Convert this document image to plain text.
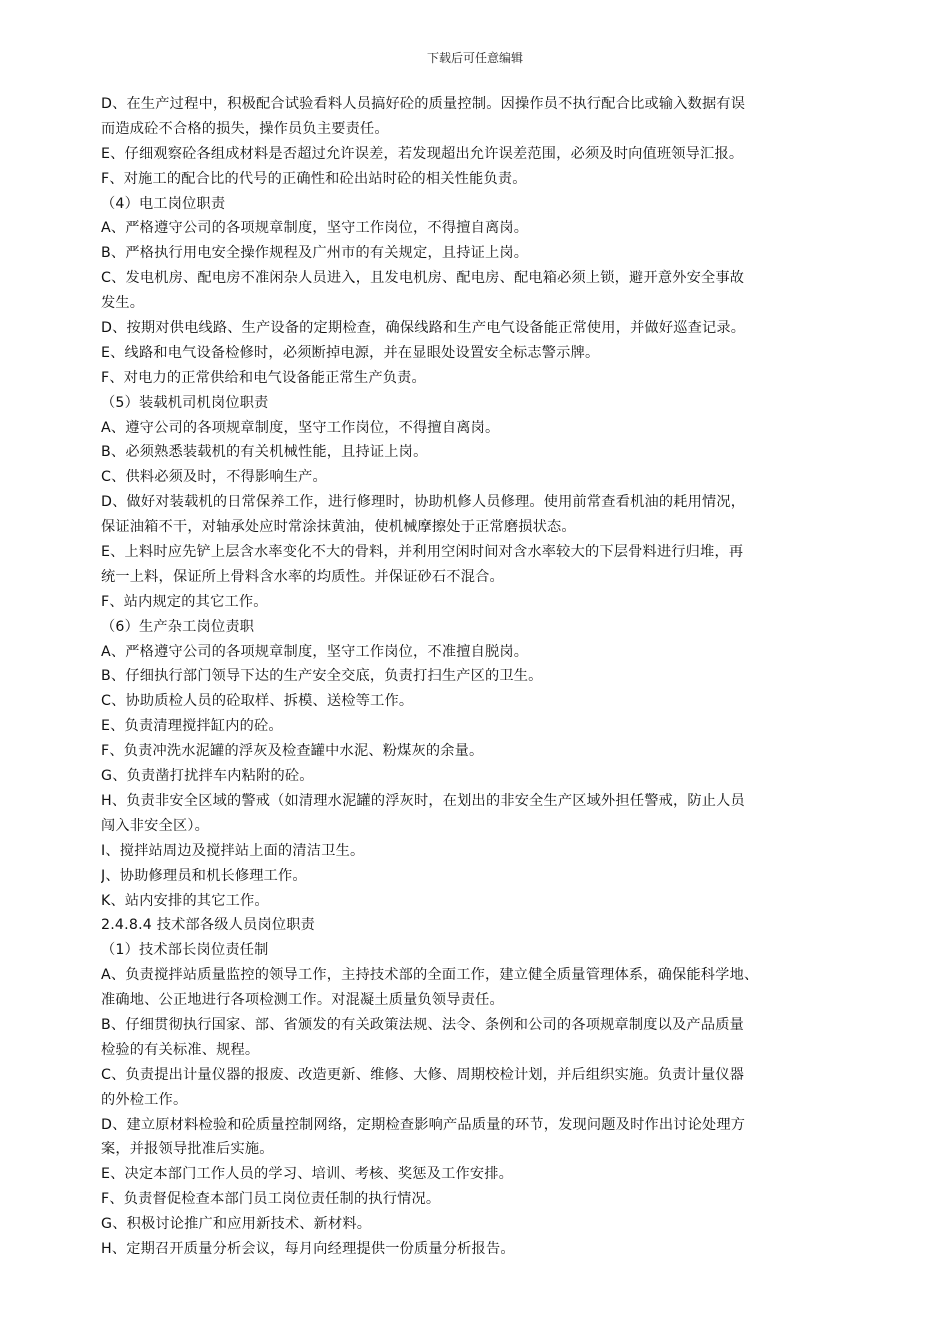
下载后可任意编辑
D、在生产过程中，积极配合试验看料人员搞好砼的质量控制。因操作员不执行配合比或输入数据有误
而造成砼不合格的损失，操作员负主要责任。
E、仔细观察砼各组成材料是否超过允许误差，若发现超出允许误差范围，必须及时向值班领导汇报。
F、对施工的配合比的代号的正确性和砼出站时砼的相关性能负责。
（4）电工岗位职责
A、严格遵守公司的各项规章制度，坚守工作岗位，不得擅自离岗。
B、严格执行用电安全操作规程及广州市的有关规定，且持证上岗。
C、发电机房、配电房不准闲杂人员进入，且发电机房、配电房、配电箱必须上锁，避开意外安全事故
发生。
D、按期对供电线路、生产设备的定期检查，确保线路和生产电气设备能正常使用，并做好巡查记录。
E、线路和电气设备检修时，必须断掉电源，并在显眼处设置安全标志警示牌。
F、对电力的正常供给和电气设备能正常生产负责。
（5）装载机司机岗位职责
A、遵守公司的各项规章制度，坚守工作岗位，不得擅自离岗。
B、必须熟悉装载机的有关机械性能，且持证上岗。
C、供料必须及时，不得影响生产。
D、做好对装载机的日常保养工作，进行修理时，协助机修人员修理。使用前常查看机油的耗用情况，
保证油箱不干，对轴承处应时常涂抹黄油，使机械摩擦处于正常磨损状态。
E、上料时应先铲上层含水率变化不大的骨料，并利用空闲时间对含水率较大的下层骨料进行归堆，再
统一上料，保证所上骨料含水率的均质性。并保证砂石不混合。
F、站内规定的其它工作。
（6）生产杂工岗位责职
A、严格遵守公司的各项规章制度，坚守工作岗位，不准擅自脱岗。
B、仔细执行部门领导下达的生产安全交底，负责打扫生产区的卫生。
C、协助质检人员的砼取样、拆模、送检等工作。
E、负责清理搅拌缸内的砼。
F、负责冲洗水泥罐的浮灰及检查罐中水泥、粉煤灰的余量。
G、负责凿打扰拌车内粘附的砼。
H、负责非安全区域的警戒（如清理水泥罐的浮灰时，在划出的非安全生产区域外担任警戒，防止人员
闯入非安全区）。
I、搅拌站周边及搅拌站上面的清洁卫生。
J、协助修理员和机长修理工作。
K、站内安排的其它工作。
2.4.8.4 技术部各级人员岗位职责
（1）技术部长岗位责任制
A、负责搅拌站质量监控的领导工作，主持技术部的全面工作，建立健全质量管理体系，确保能科学地、
准确地、公正地进行各项检测工作。对混凝土质量负领导责任。
B、仔细贯彻执行国家、部、省颁发的有关政策法规、法令、条例和公司的各项规章制度以及产品质量
检验的有关标准、规程。
C、负责提出计量仪器的报废、改造更新、维修、大修、周期校检计划，并后组织实施。负责计量仪器
的外检工作。
D、建立原材料检验和砼质量控制网络，定期检查影响产品质量的环节，发现问题及时作出讨论处理方
案，并报领导批准后实施。
E、决定本部门工作人员的学习、培训、考核、奖惩及工作安排。
F、负责督促检查本部门员工岗位责任制的执行情况。
G、积极讨论推广和应用新技术、新材料。
H、定期召开质量分析会议，每月向经理提供一份质量分析报告。
